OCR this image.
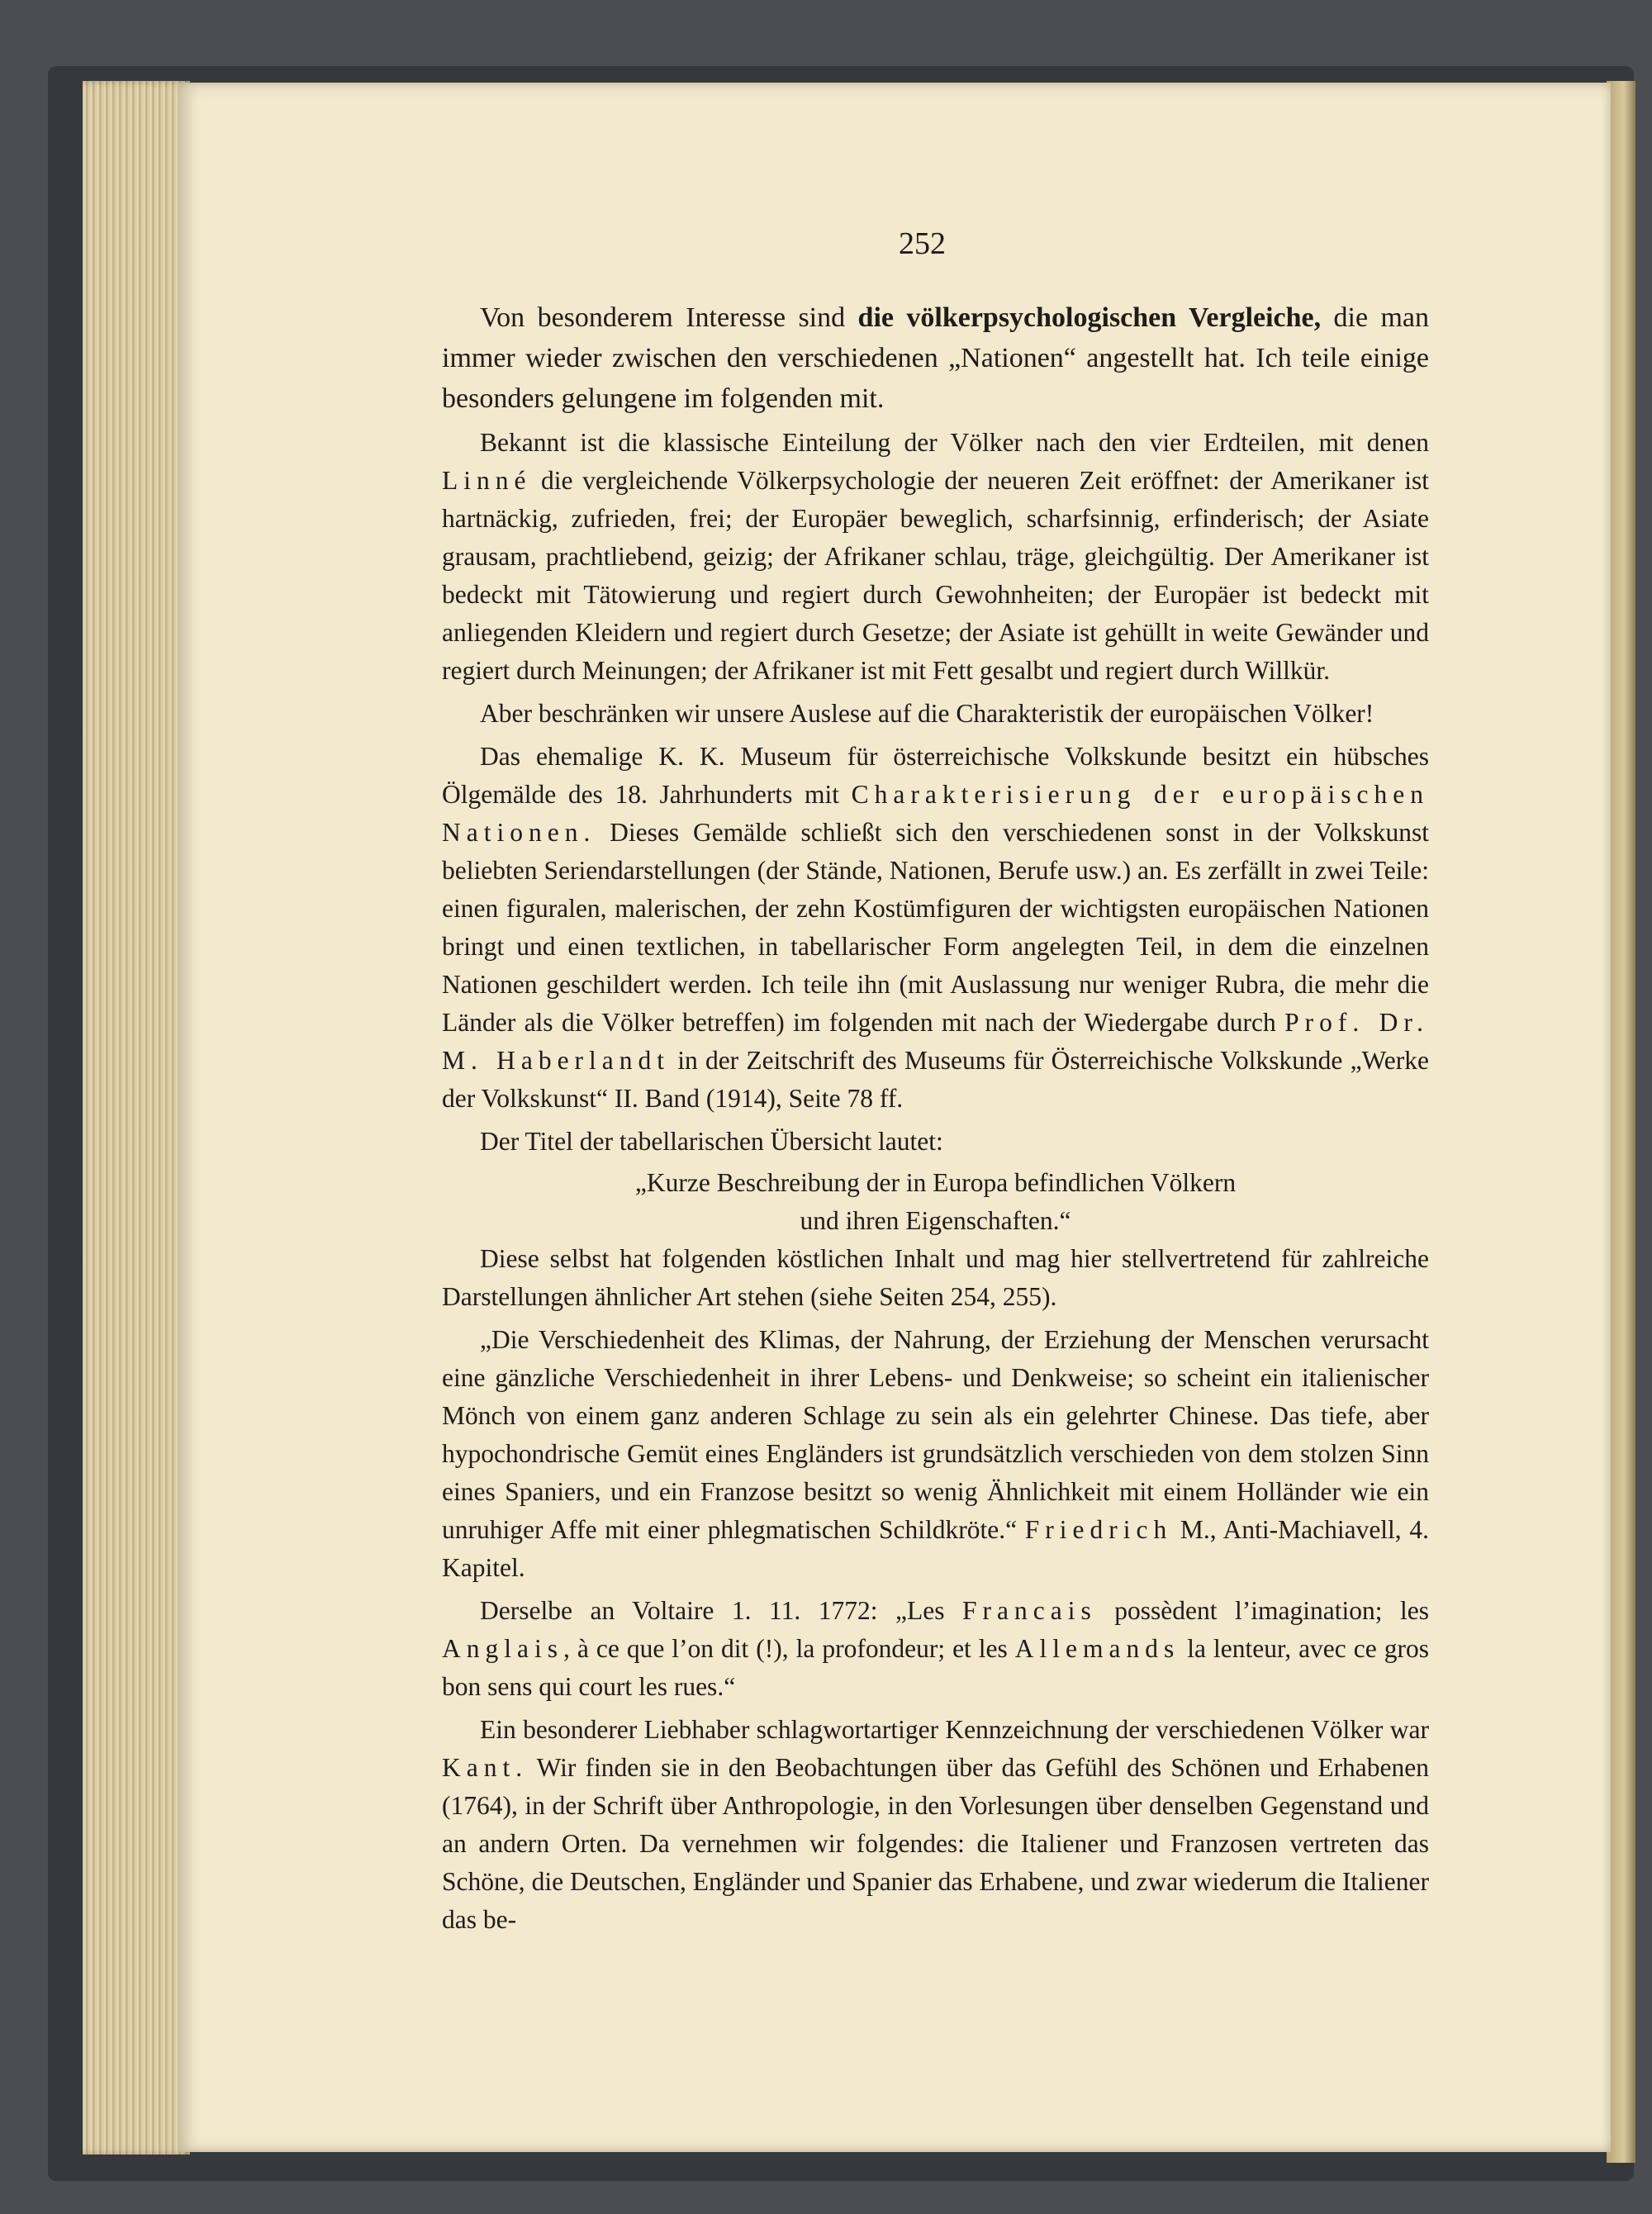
252

Von besonderem Interesse sind die völkerpsychologischen Vergleiche, die man immer wieder zwischen den verschiedenen „Nationen“ angestellt hat. Ich teile einige besonders gelungene im folgenden mit.

Bekannt ist die klassische Einteilung der Völker nach den vier Erdteilen, mit denen Linné die vergleichende Völkerpsychologie der neueren Zeit eröffnet: der Amerikaner ist hartnäckig, zufrieden, frei; der Europäer beweglich, scharfsinnig, erfinderisch; der Asiate grausam, prachtliebend, geizig; der Afrikaner schlau, träge, gleichgültig. Der Amerikaner ist bedeckt mit Tätowierung und regiert durch Gewohnheiten; der Europäer ist bedeckt mit anliegenden Kleidern und regiert durch Gesetze; der Asiate ist gehüllt in weite Gewänder und regiert durch Meinungen; der Afrikaner ist mit Fett gesalbt und regiert durch Willkür.

Aber beschränken wir unsere Auslese auf die Charakteristik der europäischen Völker!

Das ehemalige K. K. Museum für österreichische Volkskunde besitzt ein hübsches Ölgemälde des 18. Jahrhunderts mit Charakterisierung der europäischen Nationen. Dieses Gemälde schließt sich den verschiedenen sonst in der Volkskunst beliebten Seriendarstellungen (der Stände, Nationen, Berufe usw.) an. Es zerfällt in zwei Teile: einen figuralen, malerischen, der zehn Kostümfiguren der wichtigsten europäischen Nationen bringt und einen textlichen, in tabellarischer Form angelegten Teil, in dem die einzelnen Nationen geschildert werden. Ich teile ihn (mit Auslassung nur weniger Rubra, die mehr die Länder als die Völker betreffen) im folgenden mit nach der Wiedergabe durch Prof. Dr. M. Haberlandt in der Zeitschrift des Museums für Österreichische Volkskunde „Werke der Volkskunst“ II. Band (1914), Seite 78 ff.

Der Titel der tabellarischen Übersicht lautet:

„Kurze Beschreibung der in Europa befindlichen Völkern
und ihren Eigenschaften.“

Diese selbst hat folgenden köstlichen Inhalt und mag hier stellvertretend für zahlreiche Darstellungen ähnlicher Art stehen (siehe Seiten 254, 255).

„Die Verschiedenheit des Klimas, der Nahrung, der Erziehung der Menschen verursacht eine gänzliche Verschiedenheit in ihrer Lebens- und Denkweise; so scheint ein italienischer Mönch von einem ganz anderen Schlage zu sein als ein gelehrter Chinese. Das tiefe, aber hypochondrische Gemüt eines Engländers ist grundsätzlich verschieden von dem stolzen Sinn eines Spaniers, und ein Franzose besitzt so wenig Ähnlichkeit mit einem Holländer wie ein unruhiger Affe mit einer phlegmatischen Schildkröte.“ Friedrich M., Anti-Machiavell, 4. Kapitel.

Derselbe an Voltaire 1. 11. 1772: „Les Francais possèdent l’imagination; les Anglais, à ce que l’on dit (!), la profondeur; et les Allemands la lenteur, avec ce gros bon sens qui court les rues.“

Ein besonderer Liebhaber schlagwortartiger Kennzeichnung der verschiedenen Völker war Kant. Wir finden sie in den Beobachtungen über das Gefühl des Schönen und Erhabenen (1764), in der Schrift über Anthropologie, in den Vorlesungen über denselben Gegenstand und an andern Orten. Da vernehmen wir folgendes: die Italiener und Franzosen vertreten das Schöne, die Deutschen, Engländer und Spanier das Erhabene, und zwar wiederum die Italiener das be-
